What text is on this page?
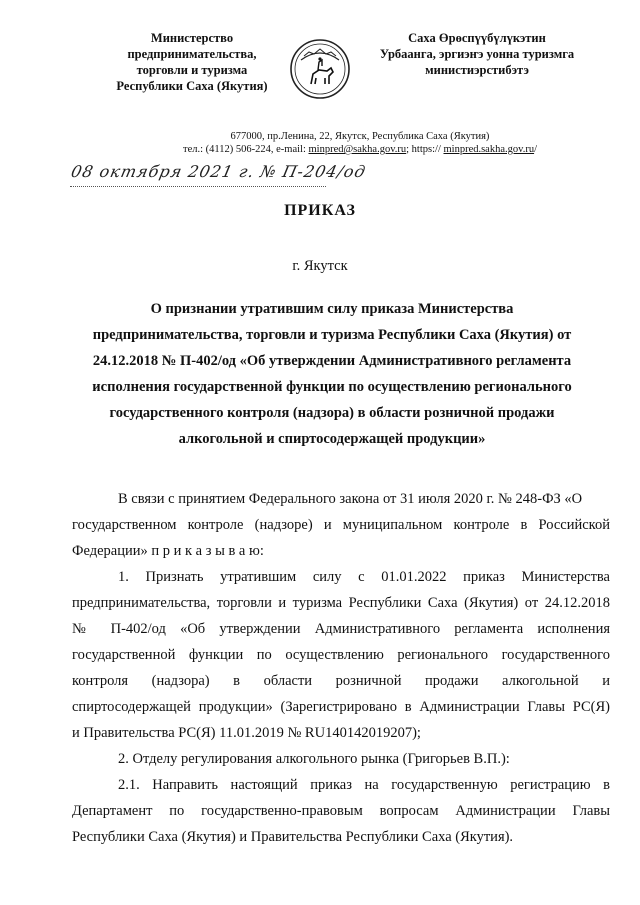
Министерство
предпринимательства,
торговли и туризма
Республики Саха (Якутия)
Саха Өрөспүүбүлүкэтин
Урбаанга, эргиэҥэ уонна туризмга
министиэрстибэтэ
677000, пр.Ленина, 22, Якутск, Республика Саха (Якутия)
тел.: (4112) 506-224, e-mail: minpred@sakha.gov.ru; https:// minpred.sakha.gov.ru/
08 октября 2021 г. № П-204/од
ПРИКАЗ
г. Якутск
О признании утратившим силу приказа Министерства
предпринимательства, торговли и туризма Республики Саха (Якутия) от
24.12.2018 № П-402/од «Об утверждении Административного регламента
исполнения государственной функции по осуществлению регионального
государственного контроля (надзора) в области розничной продажи
алкогольной и спиртосодержащей продукции»
В связи с принятием Федерального закона от 31 июля 2020 г. № 248-ФЗ «О
государственном контроле (надзоре) и муниципальном контроле в Российской
Федерации» п р и к а з ы в а ю:
1. Признать утратившим силу с 01.01.2022 приказ Министерства
предпринимательства, торговли и туризма Республики Саха (Якутия) от 24.12.2018
№ П-402/од «Об утверждении Административного регламента исполнения
государственной функции по осуществлению регионального государственного
контроля (надзора) в области розничной продажи алкогольной и
спиртосодержащей продукции» (Зарегистрировано в Администрации Главы РС(Я)
и Правительства РС(Я) 11.01.2019 № RU140142019207);
2. Отделу регулирования алкогольного рынка (Григорьев В.П.):
2.1. Направить настоящий приказ на государственную регистрацию в
Департамент по государственно-правовым вопросам Администрации Главы
Республики Саха (Якутия) и Правительства Республики Саха (Якутия).
